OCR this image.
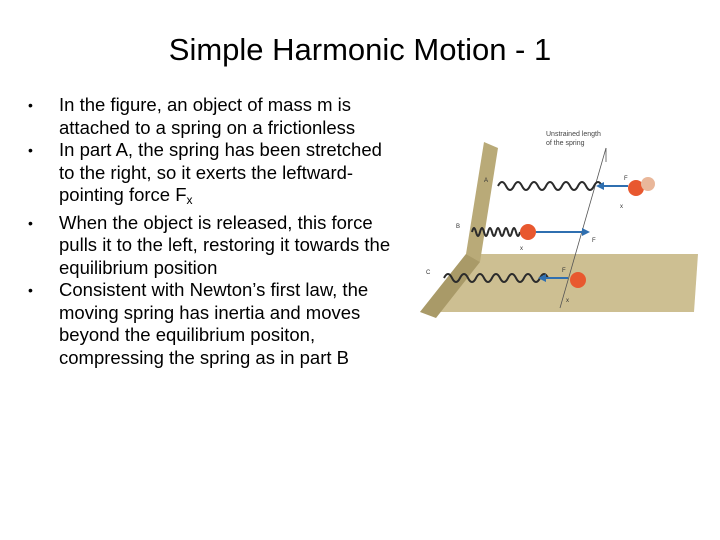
Simple Harmonic Motion - 1
•	In the figure, an object of mass m is attached to a spring on a frictionless
•	In part A, the spring has been stretched to the right, so it exerts the leftward-pointing force $F_x$
•	When the object is released, this force pulls it to the left, restoring it towards the equilibrium position
•	Consistent with Newton’s first law, the moving spring has inertia and moves beyond the equilibrium positon, compressing the spring as in part B
Unstrained length
of the spring
A	F
x
B
F
x
C	F
x
